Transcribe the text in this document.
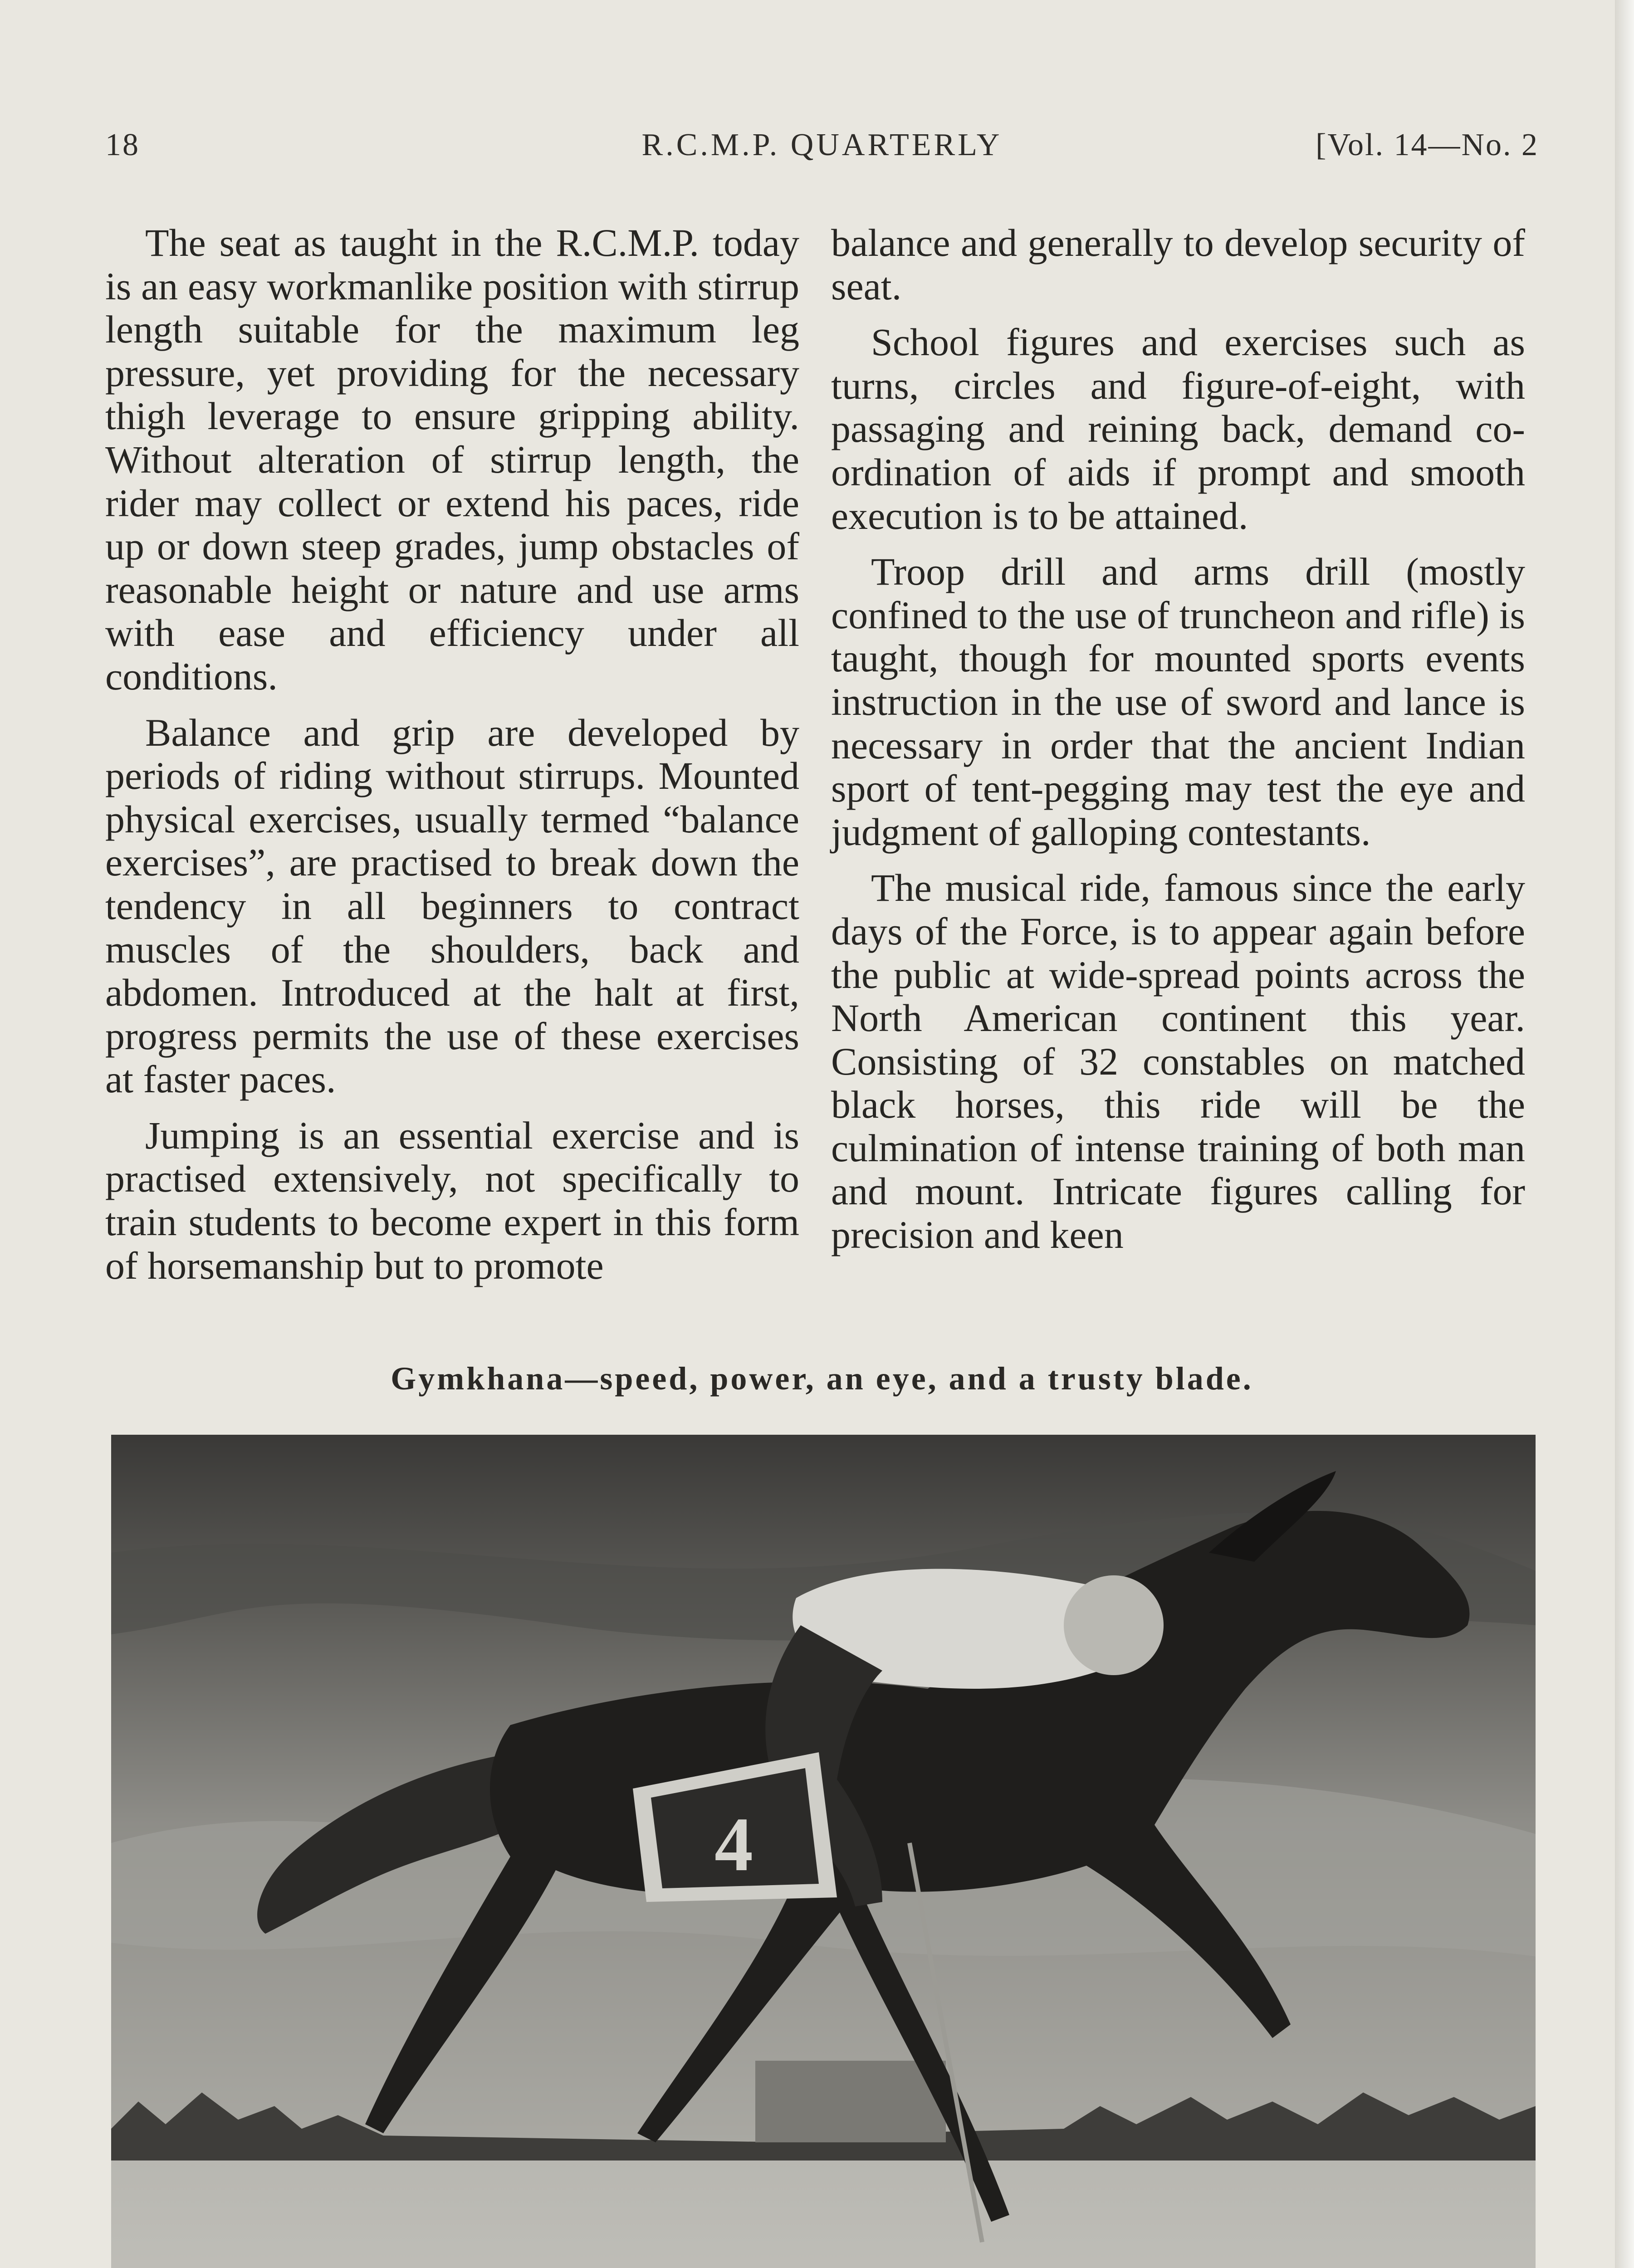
18	R.C.M.P. QUARTERLY	[Vol. 14—No. 2

The seat as taught in the R.C.M.P. today is an easy workmanlike position with stirrup length suitable for the maximum leg pressure, yet providing for the necessary thigh leverage to ensure gripping ability. Without alteration of stirrup length, the rider may collect or extend his paces, ride up or down steep grades, jump obstacles of reasonable height or nature and use arms with ease and efficiency under all conditions.

Balance and grip are developed by periods of riding without stirrups. Mounted physical exercises, usually termed “balance exercises”, are practised to break down the tendency in all beginners to contract muscles of the shoulders, back and abdomen. Introduced at the halt at first, progress permits the use of these exercises at faster paces.

Jumping is an essential exercise and is practised extensively, not specifically to train students to become expert in this form of horsemanship but to promote

balance and generally to develop security of seat.

School figures and exercises such as turns, circles and figure-of-eight, with passaging and reining back, demand co-ordination of aids if prompt and smooth execution is to be attained.

Troop drill and arms drill (mostly confined to the use of truncheon and rifle) is taught, though for mounted sports events instruction in the use of sword and lance is necessary in order that the ancient Indian sport of tent-pegging may test the eye and judgment of galloping contestants.

The musical ride, famous since the early days of the Force, is to appear again before the public at wide-spread points across the North American continent this year. Consisting of 32 constables on matched black horses, this ride will be the culmination of intense training of both man and mount. Intricate figures calling for precision and keen

Gymkhana—speed, power, an eye, and a trusty blade.
4
